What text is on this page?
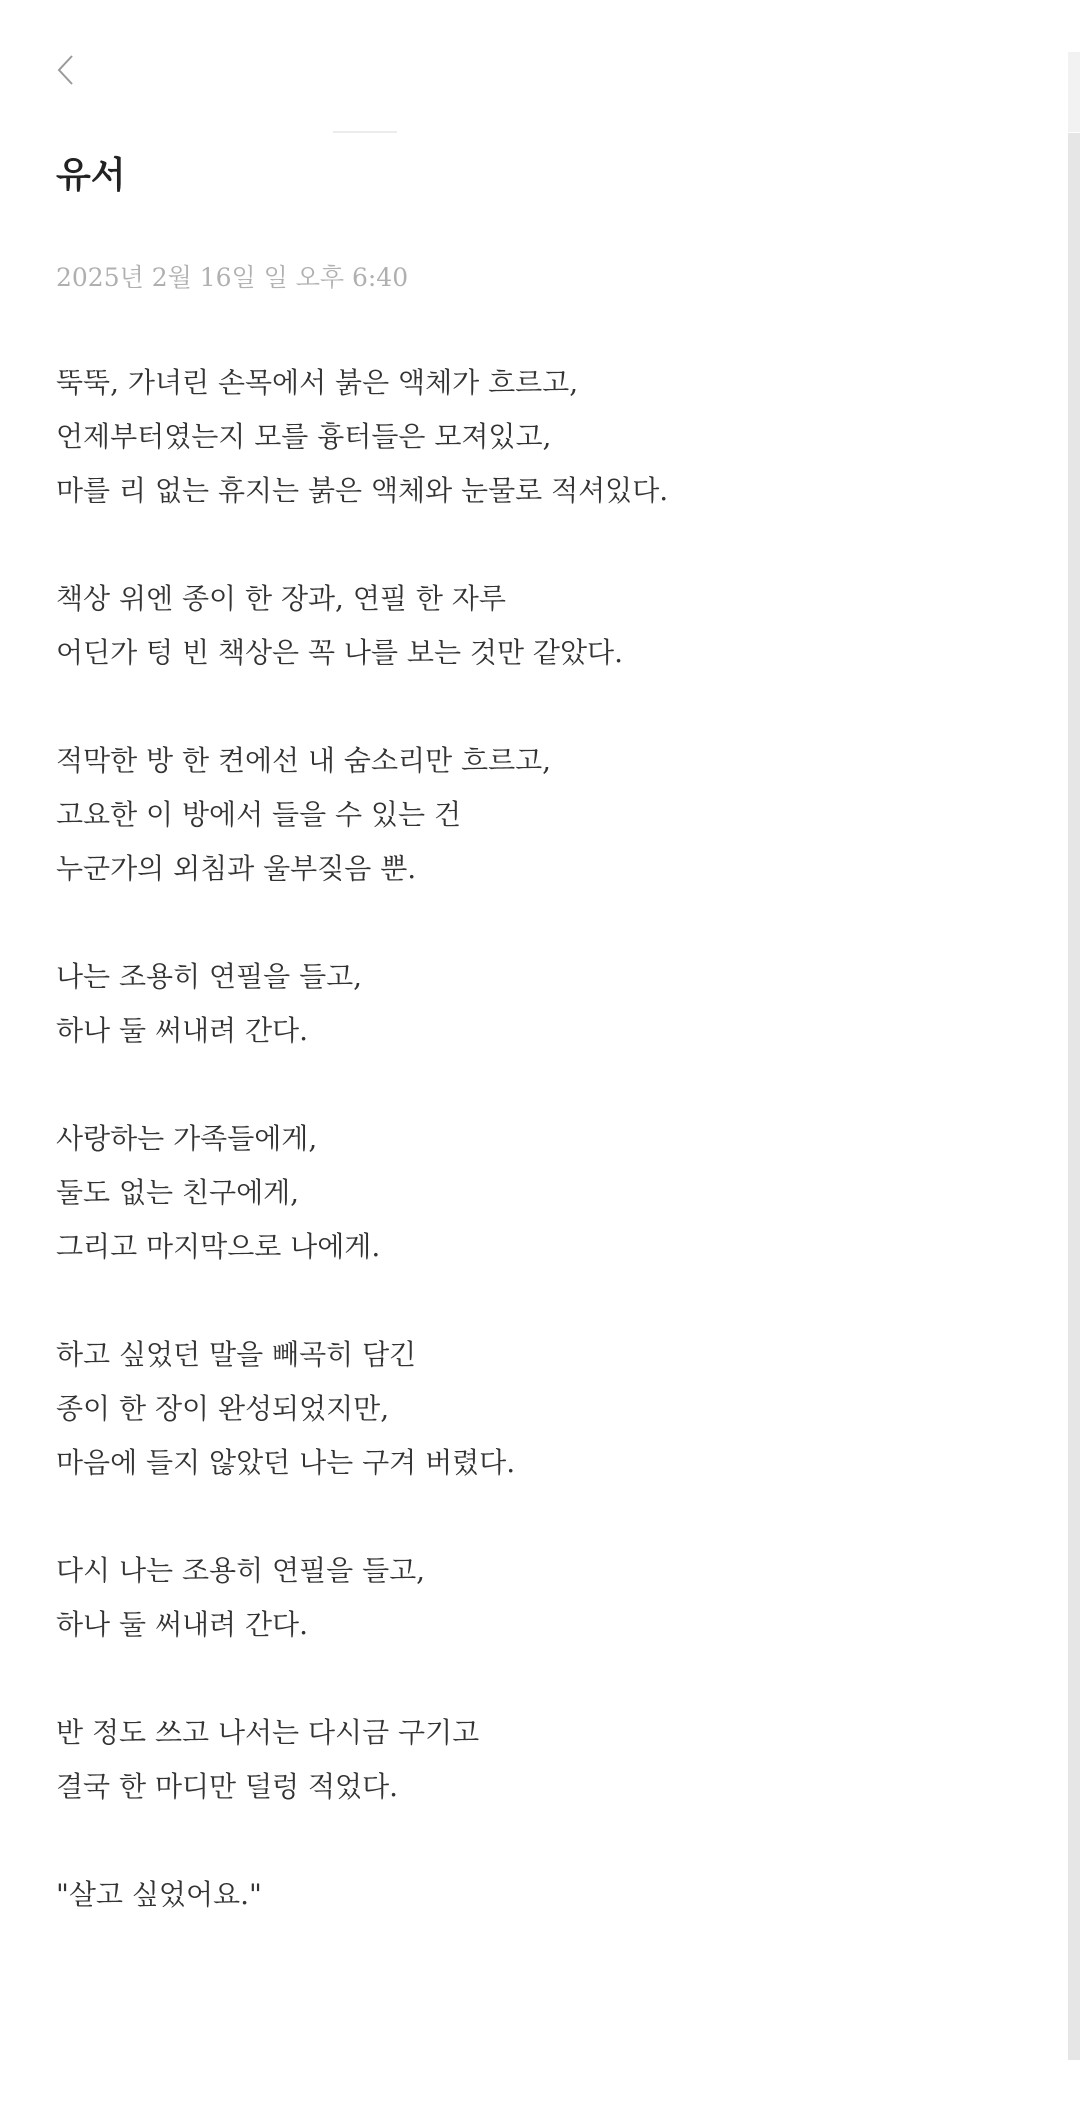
유서
2025년 2월 16일 일 오후 6:40
뚝뚝, 가녀린 손목에서 붉은 액체가 흐르고,
언제부터였는지 모를 흉터들은 모져있고,
마를 리 없는 휴지는 붉은 액체와 눈물로 적셔있다.
책상 위엔 종이 한 장과, 연필 한 자루
어딘가 텅 빈 책상은 꼭 나를 보는 것만 같았다.
적막한 방 한 켠에선 내 숨소리만 흐르고,
고요한 이 방에서 들을 수 있는 건
누군가의 외침과 울부짖음 뿐.
나는 조용히 연필을 들고,
하나 둘 써내려 간다.
사랑하는 가족들에게,
둘도 없는 친구에게,
그리고 마지막으로 나에게.
하고 싶었던 말을 빼곡히 담긴
종이 한 장이 완성되었지만,
마음에 들지 않았던 나는 구겨 버렸다.
다시 나는 조용히 연필을 들고,
하나 둘 써내려 간다.
반 정도 쓰고 나서는 다시금 구기고
결국 한 마디만 덜렁 적었다.
"살고 싶었어요."
